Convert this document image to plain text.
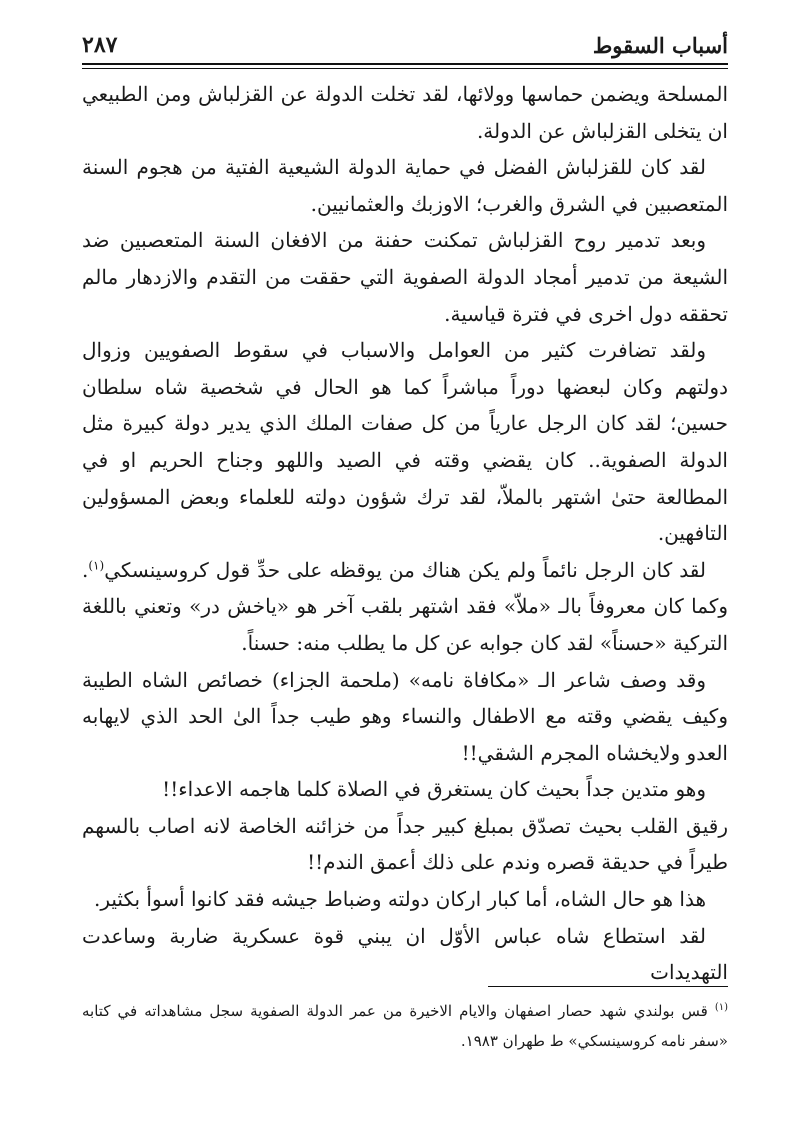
أسباب السقوط
٢٨٧

المسلحة ويضمن حماسها وولائها، لقد تخلت الدولة عن القزلباش ومن الطبيعي ان يتخلى القزلباش عن الدولة.

لقد كان للقزلباش الفضل في حماية الدولة الشيعية الفتية من هجوم السنة المتعصبين في الشرق والغرب؛ الاوزبك والعثمانيين.

وبعد تدمير روح القزلباش تمكنت حفنة من الافغان السنة المتعصبين ضد الشيعة من تدمير أمجاد الدولة الصفوية التي حققت من التقدم والازدهار مالم تحققه دول اخرى في فترة قياسية.

ولقد تضافرت كثير من العوامل والاسباب في سقوط الصفويين وزوال دولتهم وكان لبعضها دوراً مباشراً كما هو الحال في شخصية شاه سلطان حسين؛ لقد كان الرجل عارياً من كل صفات الملك الذي يدير دولة كبيرة مثل الدولة الصفوية.. كان يقضي وقته في الصيد واللهو وجناح الحريم او في المطالعة حتىٰ اشتهر بالملاّ، لقد ترك شؤون دولته للعلماء وبعض المسؤولين التافهين.

لقد كان الرجل نائماً ولم يكن هناك من يوقظه على حدِّ قول كروسينسكي$^{(١)}$. وكما كان معروفاً بالـ «ملاّ» فقد اشتهر بلقب آخر هو «ياخش در» وتعني باللغة التركية «حسناً» لقد كان جوابه عن كل ما يطلب منه: حسناً.

وقد وصف شاعر الـ «مكافاة نامه» (ملحمة الجزاء) خصائص الشاه الطيبة وكيف يقضي وقته مع الاطفال والنساء وهو طيب جداً الىٰ الحد الذي لايهابه العدو ولايخشاه المجرم الشقي!!

وهو متدين جداً بحيث كان يستغرق في الصلاة كلما هاجمه الاعداء!!

رقيق القلب بحيث تصدّق بمبلغ كبير جداً من خزائنه الخاصة لانه اصاب بالسهم طيراً في حديقة قصره وندم على ذلك أعمق الندم!!

هذا هو حال الشاه، أما كبار اركان دولته وضباط جيشه فقد كانوا أسوأ بكثير.

لقد استطاع شاه عباس الأوّل ان يبني قوة عسكرية ضاربة وساعدت التهديدات

$^{(١)}$ قس بولندي شهد حصار اصفهان والايام الاخيرة من عمر الدولة الصفوية سجل مشاهداته في كتابه «سفر نامه كروسينسكي» ط طهران ١٩٨٣.
